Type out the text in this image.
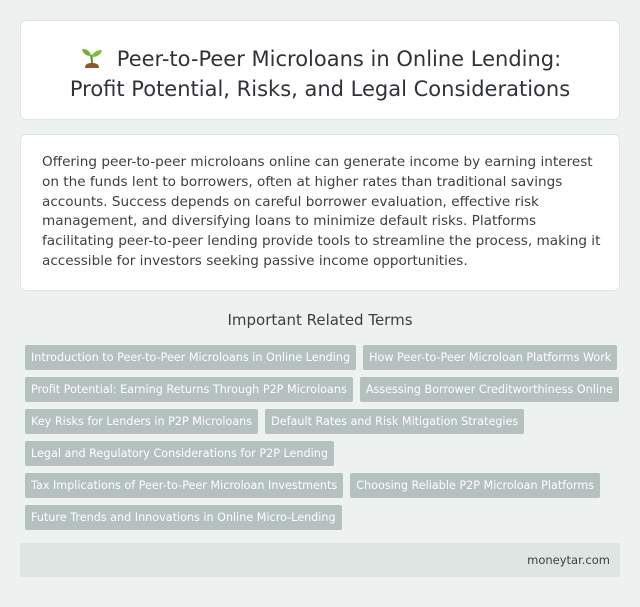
Peer-to-Peer Microloans in Online Lending:
Profit Potential, Risks, and Legal Considerations

Offering peer-to-peer microloans online can generate income by earning interest on the funds lent to borrowers, often at higher rates than traditional savings accounts. Success depends on careful borrower evaluation, effective risk management, and diversifying loans to minimize default risks. Platforms facilitating peer-to-peer lending provide tools to streamline the process, making it accessible for investors seeking passive income opportunities.

Important Related Terms
Introduction to Peer-to-Peer Microloans in Online Lending	How Peer-to-Peer Microloan Platforms Work
Profit Potential: Earning Returns Through P2P Microloans	Assessing Borrower Creditworthiness Online
Key Risks for Lenders in P2P Microloans	Default Rates and Risk Mitigation Strategies
Legal and Regulatory Considerations for P2P Lending
Tax Implications of Peer-to-Peer Microloan Investments	Choosing Reliable P2P Microloan Platforms
Future Trends and Innovations in Online Micro-Lending
moneytar.com
